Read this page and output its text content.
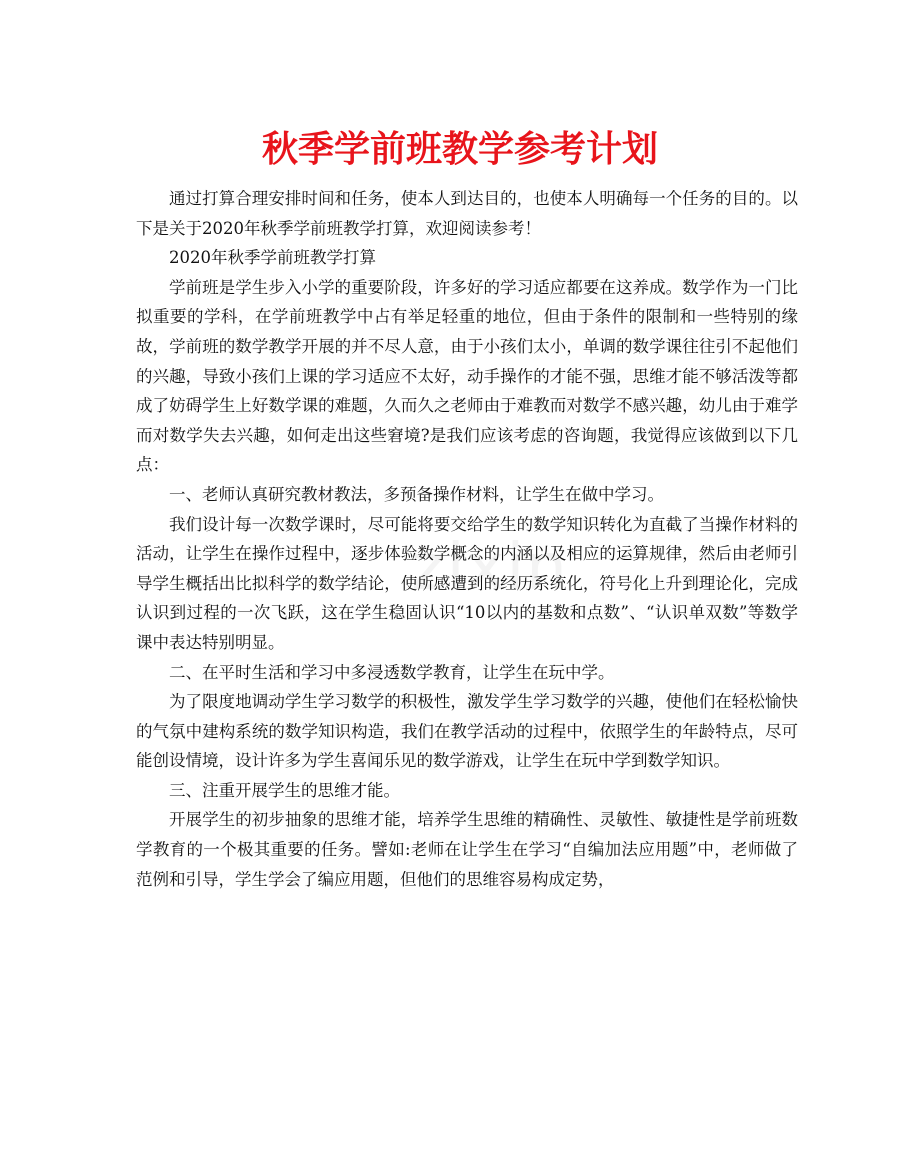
zixin
秋季学前班教学参考计划

通过打算合理安排时间和任务，使本人到达目的，也使本人明确每一个任务的目的。以下是关于2020年秋季学前班教学打算，欢迎阅读参考！

2020年秋季学前班教学打算

学前班是学生步入小学的重要阶段，许多好的学习适应都要在这养成。数学作为一门比拟重要的学科，在学前班教学中占有举足轻重的地位，但由于条件的限制和一些特别的缘故，学前班的数学教学开展的并不尽人意，由于小孩们太小，单调的数学课往往引不起他们的兴趣，导致小孩们上课的学习适应不太好，动手操作的才能不强，思维才能不够活泼等都成了妨碍学生上好数学课的难题，久而久之老师由于难教而对数学不感兴趣，幼儿由于难学而对数学失去兴趣，如何走出这些窘境?是我们应该考虑的咨询题，我觉得应该做到以下几点：

一、老师认真研究教材教法，多预备操作材料，让学生在做中学习。

我们设计每一次数学课时，尽可能将要交给学生的数学知识转化为直截了当操作材料的活动，让学生在操作过程中，逐步体验数学概念的内涵以及相应的运算规律，然后由老师引导学生概括出比拟科学的数学结论，使所感遭到的经历系统化，符号化上升到理论化，完成认识到过程的一次飞跃，这在学生稳固认识“10以内的基数和点数”、“认识单双数”等数学课中表达特别明显。

二、在平时生活和学习中多浸透数学教育，让学生在玩中学。

为了限度地调动学生学习数学的积极性，激发学生学习数学的兴趣，使他们在轻松愉快的气氛中建构系统的数学知识构造，我们在教学活动的过程中，依照学生的年龄特点，尽可能创设情境，设计许多为学生喜闻乐见的数学游戏，让学生在玩中学到数学知识。

三、注重开展学生的思维才能。

开展学生的初步抽象的思维才能，培养学生思维的精确性、灵敏性、敏捷性是学前班数学教育的一个极其重要的任务。譬如:老师在让学生在学习“自编加法应用题”中，老师做了范例和引导，学生学会了编应用题，但他们的思维容易构成定势，
